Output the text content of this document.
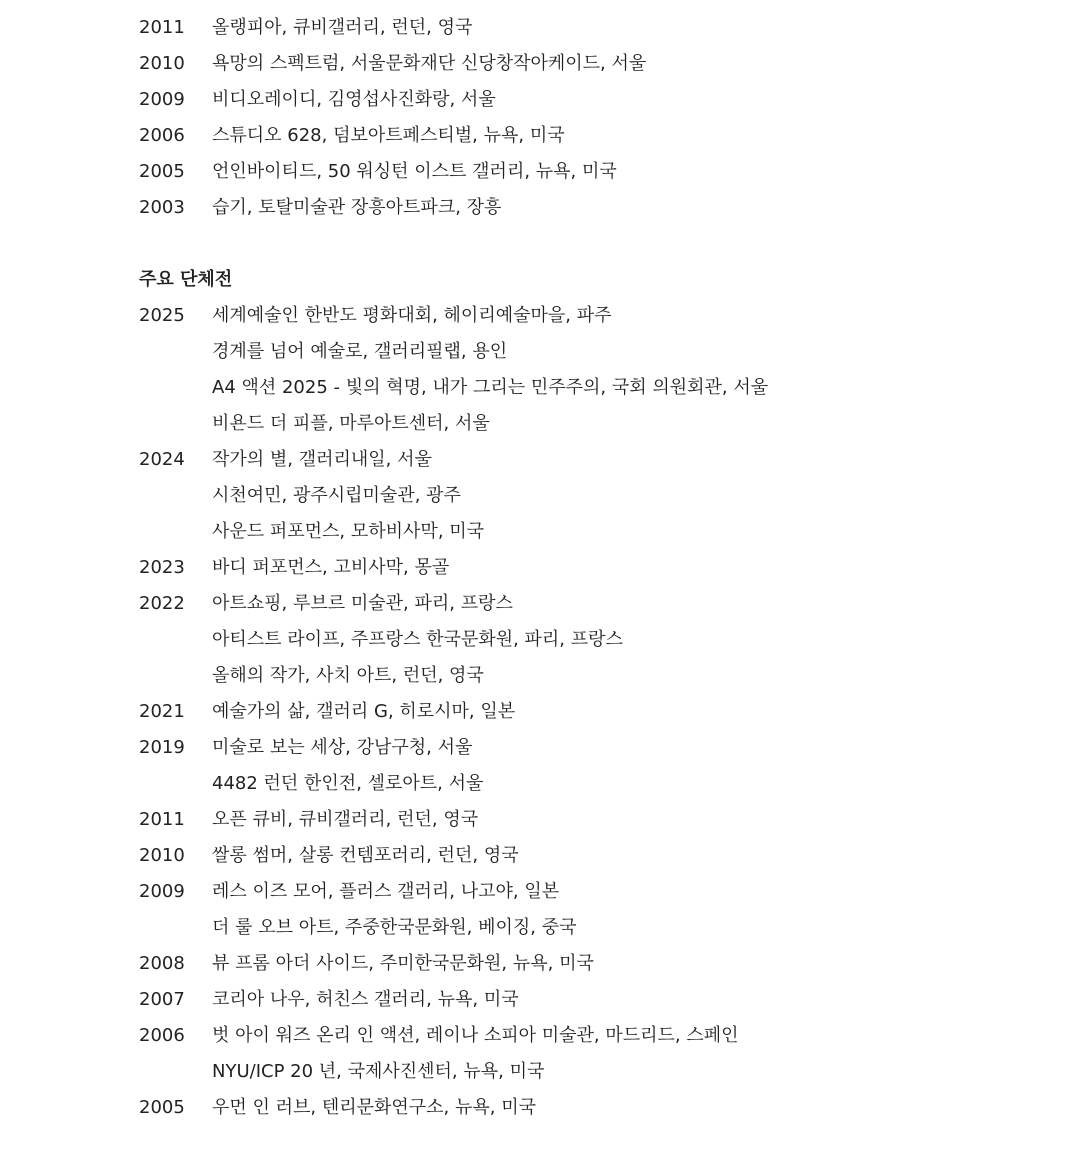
2011	올랭피아, 큐비갤러리, 런던, 영국
2010	욕망의 스펙트럼, 서울문화재단 신당창작아케이드, 서울
2009	비디오레이디, 김영섭사진화랑, 서울
2006	스튜디오 628, 덤보아트페스티벌, 뉴욕, 미국
2005	언인바이티드, 50 워싱턴 이스트 갤러리, 뉴욕, 미국
2003	습기, 토탈미술관 장흥아트파크, 장흥
주요 단체전
2025	세계예술인 한반도 평화대회, 헤이리예술마을, 파주
경계를 넘어 예술로, 갤러리필랩, 용인
A4 액션 2025 - 빛의 혁명, 내가 그리는 민주주의, 국회 의원회관, 서울
비욘드 더 피플, 마루아트센터, 서울
2024	작가의 별, 갤러리내일, 서울
시천여민, 광주시립미술관, 광주
사운드 퍼포먼스, 모하비사막, 미국
2023	바디 퍼포먼스, 고비사막, 몽골
2022	아트쇼핑, 루브르 미술관, 파리, 프랑스
아티스트 라이프, 주프랑스 한국문화원, 파리, 프랑스
올해의 작가, 사치 아트, 런던, 영국
2021	예술가의 삶, 갤러리 G, 히로시마, 일본
2019	미술로 보는 세상, 강남구청, 서울
4482 런던 한인전, 셀로아트, 서울
2011	오픈 큐비, 큐비갤러리, 런던, 영국
2010	쌀롱 썸머, 살롱 컨템포러리, 런던, 영국
2009	레스 이즈 모어, 플러스 갤러리, 나고야, 일본
더 룰 오브 아트, 주중한국문화원, 베이징, 중국
2008	뷰 프롬 아더 사이드, 주미한국문화원, 뉴욕, 미국
2007	코리아 나우, 허친스 갤러리, 뉴욕, 미국
2006	벗 아이 워즈 온리 인 액션, 레이나 소피아 미술관, 마드리드, 스페인
NYU/ICP 20 년, 국제사진센터, 뉴욕, 미국
2005	우먼 인 러브, 텐리문화연구소, 뉴욕, 미국
